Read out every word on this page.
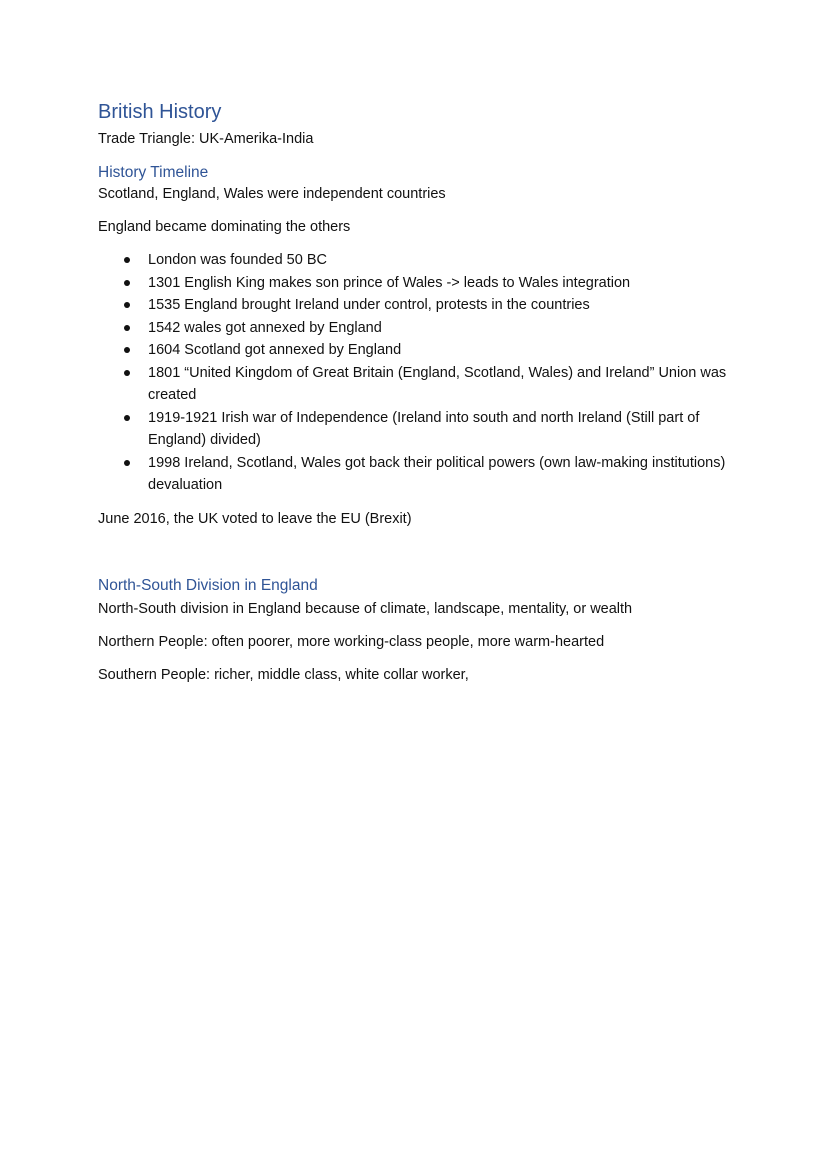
British History

Trade Triangle: UK-Amerika-India

History Timeline

Scotland, England, Wales were independent countries

England became dominating the others

London was founded 50 BC
1301 English King makes son prince of Wales -> leads to Wales integration
1535 England brought Ireland under control, protests in the countries
1542 wales got annexed by England
1604 Scotland got annexed by England
1801 “United Kingdom of Great Britain (England, Scotland, Wales) and Ireland” Union was created
1919-1921 Irish war of Independence (Ireland into south and north Ireland (Still part of England) divided)
1998 Ireland, Scotland, Wales got back their political powers (own law-making institutions) devaluation

June 2016, the UK voted to leave the EU (Brexit)

North-South Division in England

North-South division in England because of climate, landscape, mentality, or wealth

Northern People: often poorer, more working-class people, more warm-hearted

Southern People: richer, middle class, white collar worker,
